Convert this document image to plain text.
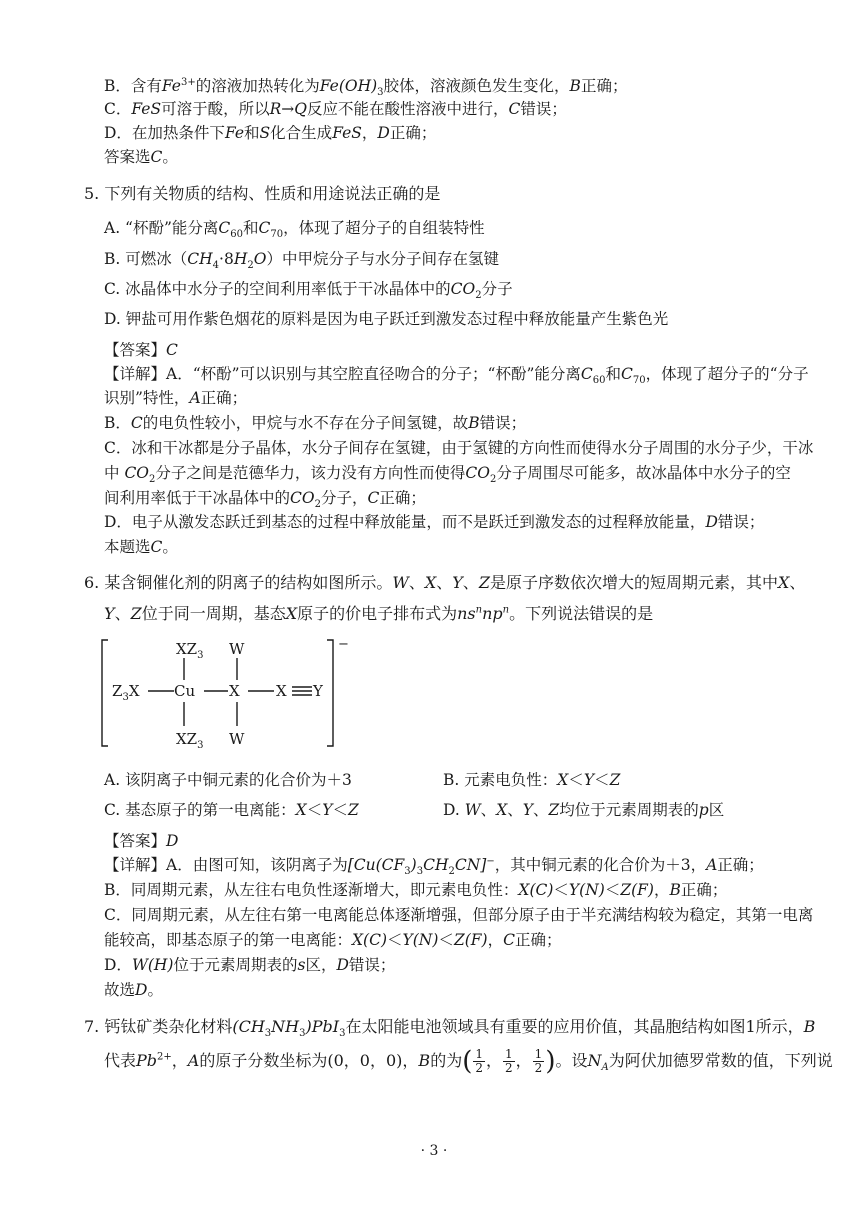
B．含有$Fe^{3+}$的溶液加热转化为$Fe(OH)_3$胶体，溶液颜色发生变化，B正确；
C．FeS可溶于酸，所以R→Q反应不能在酸性溶液中进行，C错误；
D．在加热条件下Fe和S化合生成FeS，D正确；
答案选C。
5. 下列有关物质的结构、性质和用途说法正确的是
A. “杯酚”能分离$C_{60}$和$C_{70}$，体现了超分子的自组装特性
B. 可燃冰$(CH_4\cdot 8H_2O)$中甲烷分子与水分子间存在氢键
C. 冰晶体中水分子的空间利用率低于干冰晶体中的$CO_2$分子
D. 钾盐可用作紫色烟花的原料是因为电子跃迁到激发态过程中释放能量产生紫色光
【答案】C
【详解】A．“杯酚”可以识别与其空腔直径吻合的分子；“杯酚”能分离$C_{60}$和$C_{70}$，体现了超分子的“分子
识别”特性，A正确；
B．C的电负性较小，甲烷与水不存在分子间氢键，故B错误；
C．冰和干冰都是分子晶体，水分子间存在氢键，由于氢键的方向性而使得水分子周围的水分子少，干冰
中 $CO_2$分子之间是范德华力，该力没有方向性而使得$CO_2$分子周围尽可能多，故冰晶体中水分子的空
间利用率低于干冰晶体中的$CO_2$分子，C正确；
D．电子从激发态跃迁到基态的过程中释放能量，而不是跃迁到激发态的过程释放能量，D错误；
本题选C。
6. 某含铜催化剂的阴离子的结构如图所示。W、X、Y、Z是原子序数依次增大的短周期元素，其中X、
Y、Z位于同一周期，基态X原子的价电子排布式为$ns^nnp^n$。下列说法错误的是
$XZ_3$ W
$Z_3X$ Cu X X Y
$XZ_3$ W
−
A. 该阴离子中铜元素的化合价为＋3	B. 元素电负性：X＜Y＜Z
C. 基态原子的第一电离能：X＜Y＜Z	D. W、X、Y、Z均位于元素周期表的p区
【答案】D
【详解】A．由图可知，该阴离子为$[Cu(CF_3)_3CH_2CN]^-$，其中铜元素的化合价为＋3，A正确；
B．同周期元素，从左往右电负性逐渐增大，即元素电负性：X(C)＜Y(N)＜Z(F)，B正确；
C．同周期元素，从左往右第一电离能总体逐渐增强，但部分原子由于半充满结构较为稳定，其第一电离
能较高，即基态原子的第一电离能：X(C)＜Y(N)＜Z(F)，C正确；
D．W(H)位于元素周期表的s区，D错误；
故选D。
7. 钙钛矿类杂化材料$(CH_3NH_3)PbI_3$在太阳能电池领域具有重要的应用价值，其晶胞结构如图1所示，B
代表$Pb^{2+}$，A的原子分数坐标为(0，0，0)，B的为( $\frac{1}{2}$ ， $\frac{1}{2}$ ， $\frac{1}{2}$ )。设$N_A$为阿伏加德罗常数的值，下列说
· 3 ·
